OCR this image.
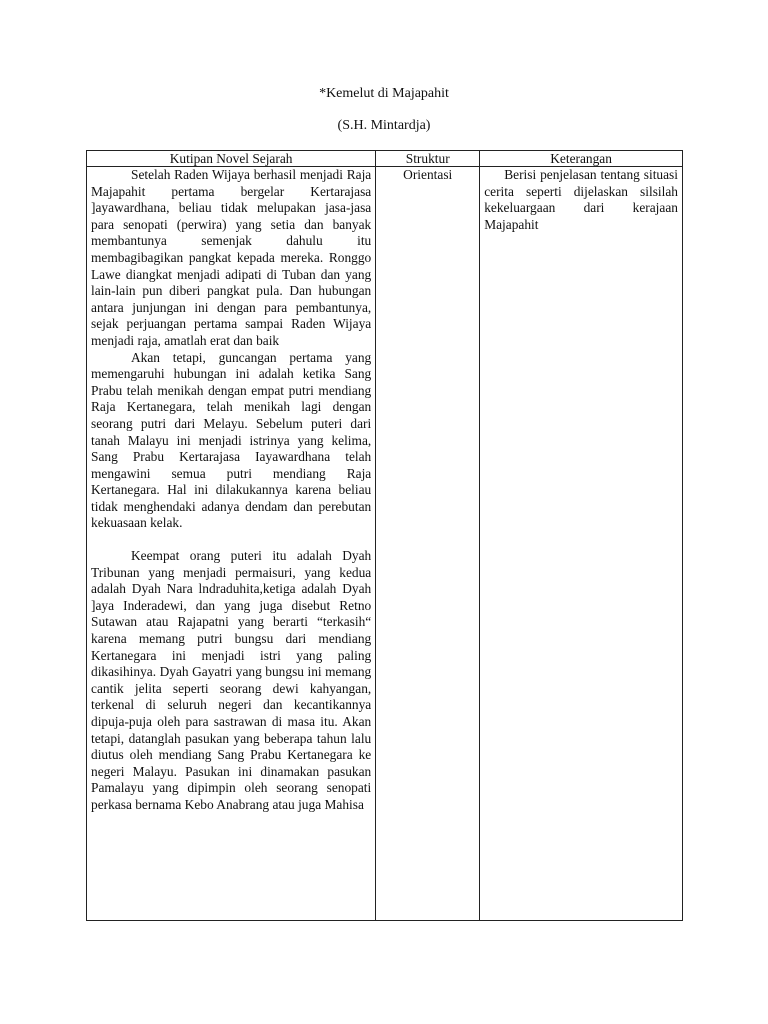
*Kemelut di Majapahit
(S.H. Mintardja)
Kutipan Novel Sejarah	Struktur	Keterangan

Setelah Raden Wijaya berhasil menjadi Raja Majapahit pertama bergelar Kertarajasa ]ayawardhana, beliau tidak melupakan jasa-jasa para senopati (perwira) yang setia dan banyak membantunya semenjak dahulu itu membagibagikan pangkat kepada mereka. Ronggo Lawe diangkat menjadi adipati di Tuban dan yang lain-lain pun diberi pangkat pula. Dan hubungan antara junjungan ini dengan para pembantunya, sejak perjuangan pertama sampai Raden Wijaya menjadi raja, amatlah erat dan baik

Akan tetapi, guncangan pertama yang memengaruhi hubungan ini adalah ketika Sang Prabu telah menikah dengan empat putri mendiang Raja Kertanegara, telah menikah lagi dengan seorang putri dari Melayu. Sebelum puteri dari tanah Malayu ini menjadi istrinya yang kelima, Sang Prabu Kertarajasa Iayawardhana telah mengawini semua putri mendiang Raja Kertanegara. Hal ini dilakukannya karena beliau tidak menghendaki adanya dendam dan perebutan kekuasaan kelak.

Keempat orang puteri itu adalah Dyah Tribunan yang menjadi permaisuri, yang kedua adalah Dyah Nara lndraduhita,ketiga adalah Dyah ]aya Inderadewi, dan yang juga disebut Retno Sutawan atau Rajapatni yang berarti “terkasih“ karena memang putri bungsu dari mendiang Kertanegara ini menjadi istri yang paling dikasihinya. Dyah Gayatri yang bungsu ini memang cantik jelita seperti seorang dewi kahyangan, terkenal di seluruh negeri dan kecantikannya dipuja-puja oleh para sastrawan di masa itu. Akan tetapi, datanglah pasukan yang beberapa tahun lalu diutus oleh mendiang Sang Prabu Kertanegara ke negeri Malayu. Pasukan ini dinamakan pasukan Pamalayu yang dipimpin oleh seorang senopati perkasa bernama Kebo Anabrang atau juga Mahisa	Orientasi	Berisi penjelasan tentang situasi cerita seperti dijelaskan silsilah kekeluargaan dari kerajaan Majapahit
